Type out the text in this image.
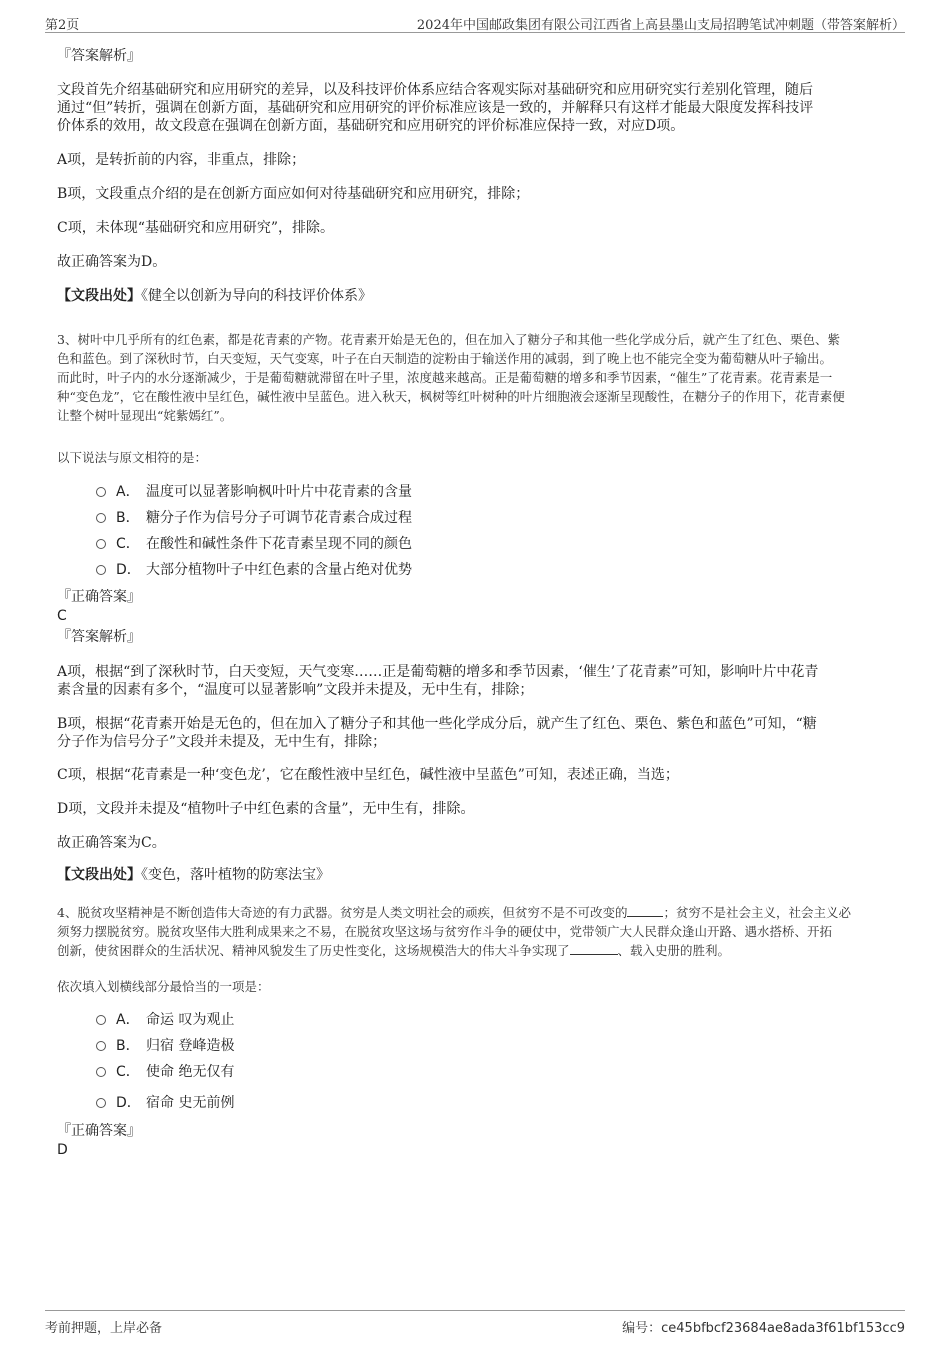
第2页	2024年中国邮政集团有限公司江西省上高县墨山支局招聘笔试冲刺题（带答案解析）
『答案解析』
文段首先介绍基础研究和应用研究的差异，以及科技评价体系应结合客观实际对基础研究和应用研究实行差别化管理，随后
通过“但”转折，强调在创新方面，基础研究和应用研究的评价标准应该是一致的，并解释只有这样才能最大限度发挥科技评
价体系的效用，故文段意在强调在创新方面，基础研究和应用研究的评价标准应保持一致，对应D项。
A项，是转折前的内容，非重点，排除；
B项，文段重点介绍的是在创新方面应如何对待基础研究和应用研究，排除；
C项，未体现“基础研究和应用研究”，排除。
故正确答案为D。
【文段出处】《健全以创新为导向的科技评价体系》
3、树叶中几乎所有的红色素，都是花青素的产物。花青素开始是无色的，但在加入了糖分子和其他一些化学成分后，就产生了红色、栗色、紫
色和蓝色。到了深秋时节，白天变短，天气变寒，叶子在白天制造的淀粉由于输送作用的减弱，到了晚上也不能完全变为葡萄糖从叶子输出。
而此时，叶子内的水分逐渐减少，于是葡萄糖就滞留在叶子里，浓度越来越高。正是葡萄糖的增多和季节因素，“催生”了花青素。花青素是一
种“变色龙”，它在酸性液中呈红色，碱性液中呈蓝色。进入秋天，枫树等红叶树种的叶片细胞液会逐渐呈现酸性，在糖分子的作用下，花青素便
让整个树叶显现出“姹紫嫣红”。
以下说法与原文相符的是：
A． 温度可以显著影响枫叶叶片中花青素的含量
B． 糖分子作为信号分子可调节花青素合成过程
C． 在酸性和碱性条件下花青素呈现不同的颜色
D． 大部分植物叶子中红色素的含量占绝对优势
『正确答案』
C
『答案解析』
A项，根据“到了深秋时节，白天变短，天气变寒……正是葡萄糖的增多和季节因素，‘催生’了花青素”可知，影响叶片中花青
素含量的因素有多个，“温度可以显著影响”文段并未提及，无中生有，排除；
B项，根据“花青素开始是无色的，但在加入了糖分子和其他一些化学成分后，就产生了红色、栗色、紫色和蓝色”可知，“糖
分子作为信号分子”文段并未提及，无中生有，排除；
C项，根据“花青素是一种‘变色龙’，它在酸性液中呈红色，碱性液中呈蓝色”可知，表述正确，当选；
D项，文段并未提及“植物叶子中红色素的含量”，无中生有，排除。
故正确答案为C。
【文段出处】《变色，落叶植物的防寒法宝》
4、脱贫攻坚精神是不断创造伟大奇迹的有力武器。贫穷是人类文明社会的顽疾，但贫穷不是不可改变的	；贫穷不是社会主义，社会主义必
须努力摆脱贫穷。脱贫攻坚伟大胜利成果来之不易，在脱贫攻坚这场与贫穷作斗争的硬仗中，党带领广大人民群众逢山开路、遇水搭桥、开拓
创新，使贫困群众的生活状况、精神风貌发生了历史性变化，这场规模浩大的伟大斗争实现了	、载入史册的胜利。
依次填入划横线部分最恰当的一项是：
A． 命运 叹为观止
B． 归宿 登峰造极
C． 使命 绝无仅有
D． 宿命 史无前例
『正确答案』
D
考前押题，上岸必备	编号：ce45bfbcf23684ae8ada3f61bf153cc9
